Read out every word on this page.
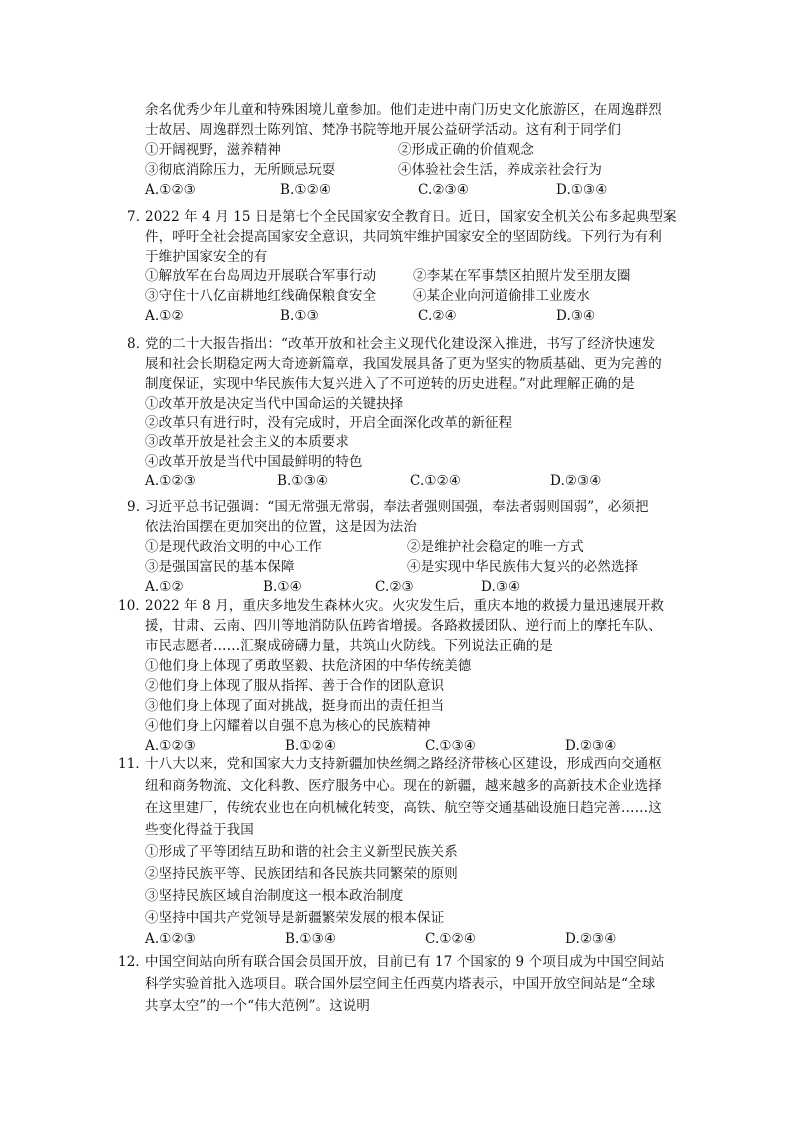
余名优秀少年儿童和特殊困境儿童参加。他们走进中南门历史文化旅游区，在周逸群烈
士故居、周逸群烈士陈列馆、梵净书院等地开展公益研学活动。这有利于同学们
①开阔视野，滋养精神	②形成正确的价值观念
③彻底消除压力，无所顾忌玩耍	④体验社会生活，养成亲社会行为
A.①②③	B.①②④	C.②③④	D.①③④
7．
2022 年 4 月 15 日是第七个全民国家安全教育日。近日，国家安全机关公布多起典型案
件，呼吁全社会提高国家安全意识，共同筑牢维护国家安全的坚固防线。下列行为有利
于维护国家安全的有
①解放军在台岛周边开展联合军事行动	②李某在军事禁区拍照片发至朋友圈
③守住十八亿亩耕地红线确保粮食安全	④某企业向河道偷排工业废水
A.①②	B.①③	C.②④	D.③④
8．
党的二十大报告指出：“改革开放和社会主义现代化建设深入推进，书写了经济快速发
展和社会长期稳定两大奇迹新篇章，我国发展具备了更为坚实的物质基础、更为完善的
制度保证，实现中华民族伟大复兴进入了不可逆转的历史进程。”对此理解正确的是
①改革开放是决定当代中国命运的关键抉择
②改革只有进行时，没有完成时，开启全面深化改革的新征程
③改革开放是社会主义的本质要求
④改革开放是当代中国最鲜明的特色
A.①②③	B.①③④	C.①②④	D.②③④
9．
习近平总书记强调：“国无常强无常弱，奉法者强则国强，奉法者弱则国弱”，必须把
依法治国摆在更加突出的位置，这是因为法治
①是现代政治文明的中心工作	②是维护社会稳定的唯一方式
③是强国富民的基本保障	④是实现中华民族伟大复兴的必然选择
A.①②	B.①④	C.②③	D.③④
10．
2022 年 8 月，重庆多地发生森林火灾。火灾发生后，重庆本地的救援力量迅速展开救
援，甘肃、云南、四川等地消防队伍跨省增援。各路救援团队、逆行而上的摩托车队、
市民志愿者……汇聚成磅礴力量，共筑山火防线。下列说法正确的是
①他们身上体现了勇敢坚毅、扶危济困的中华传统美德
②他们身上体现了服从指挥、善于合作的团队意识
③他们身上体现了面对挑战，挺身而出的责任担当
④他们身上闪耀着以自强不息为核心的民族精神
A.①②③	B.①②④	C.①③④	D.②③④
11．
十八大以来，党和国家大力支持新疆加快丝绸之路经济带核心区建设，形成西向交通枢
纽和商务物流、文化科教、医疗服务中心。现在的新疆，越来越多的高新技术企业选择
在这里建厂，传统农业也在向机械化转变，高铁、航空等交通基础设施日趋完善……这
些变化得益于我国
①形成了平等团结互助和谐的社会主义新型民族关系
②坚持民族平等、民族团结和各民族共同繁荣的原则
③坚持民族区域自治制度这一根本政治制度
④坚持中国共产党领导是新疆繁荣发展的根本保证
A.①②③	B.①③④	C.①②④	D.②③④
12．
中国空间站向所有联合国会员国开放，目前已有 17 个国家的 9 个项目成为中国空间站
科学实验首批入选项目。联合国外层空间主任西莫内塔表示，中国开放空间站是“全球
共享太空”的一个“伟大范例”。这说明
